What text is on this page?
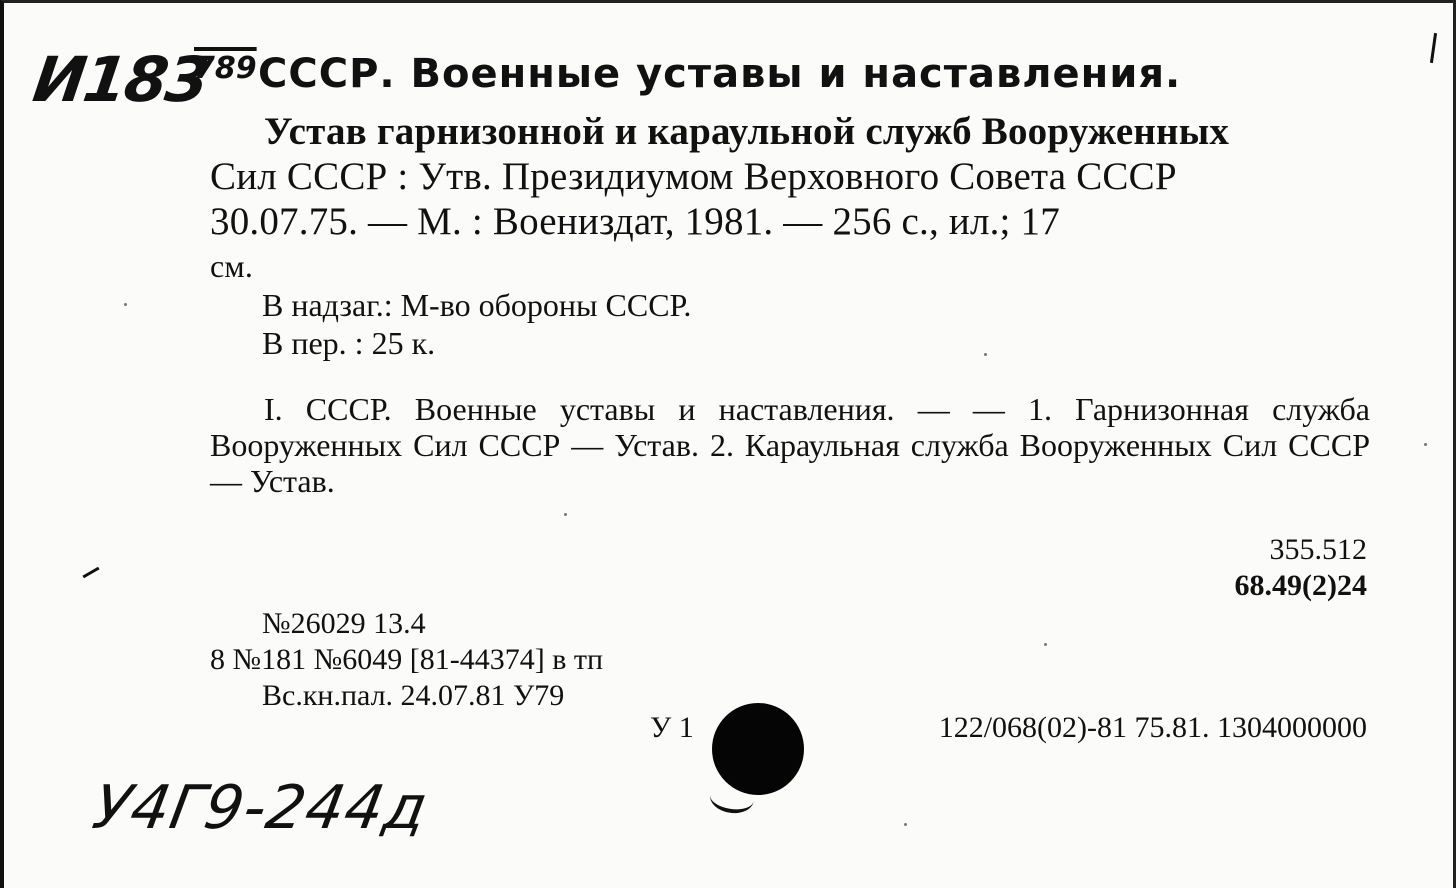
И183
789 СССР. Военные уставы и наставления.
Устав гарнизонной и караульной служб Вооруженных
Сил СССР : Утв. Президиумом Верховного Совета СССР
30.07.75. — М. : Воениздат, 1981. — 256 с., ил.; 17
см.
В надзаг.: М-во обороны СССР.
В пер. : 25 к.

I. СССР. Военные уставы и наставления. — — 1. Гарнизонная служба Вооруженных Сил СССР — Устав. 2. Караульная служба Вооруженных Сил СССР — Устав.

355.512
68.49(2)24
№26029 13.4
8 №181 №6049 [81-44374] в тп
Вс.кн.пал. 24.07.81 У79
У 1	122/068(02)-81 75.81. 1304000000
У4Г9-244д
